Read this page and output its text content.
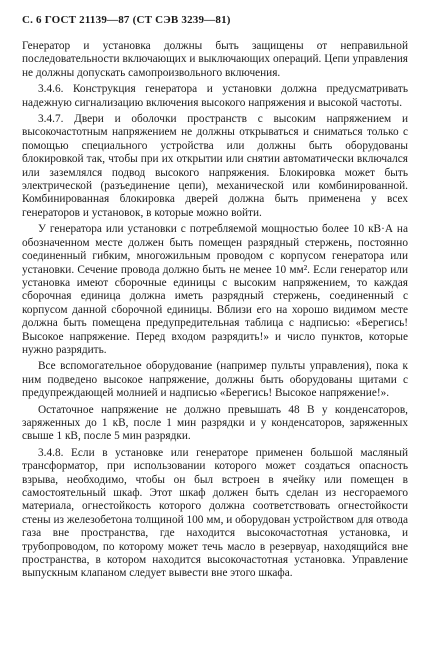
С. 6 ГОСТ 21139—87 (СТ СЭВ 3239—81)

Генератор и установка должны быть защищены от неправильной последовательности включающих и выключающих операций. Цепи управления не должны допускать самопроизвольного включения.

3.4.6. Конструкция генератора и установки должна предусматривать надежную сигнализацию включения высокого напряжения и высокой частоты.

3.4.7. Двери и оболочки пространств с высоким напряжением и высокочастотным напряжением не должны открываться и сниматься только с помощью специального устройства или должны быть оборудованы блокировкой так, чтобы при их открытии или снятии автоматически включался или заземлялся подвод высокого напряжения. Блокировка может быть электрической (разъединение цепи), механической или комбинированной. Комбинированная блокировка дверей должна быть применена у всех генераторов и установок, в которые можно войти.

У генератора или установки с потребляемой мощностью более 10 кВ·А на обозначенном месте должен быть помещен разрядный стержень, постоянно соединенный гибким, многожильным проводом с корпусом генератора или установки. Сечение провода должно быть не менее 10 мм². Если генератор или установка имеют сборочные единицы с высоким напряжением, то каждая сборочная единица должна иметь разрядный стержень, соединенный с корпусом данной сборочной единицы. Вблизи его на хорошо видимом месте должна быть помещена предупредительная таблица с надписью: «Берегись! Высокое напряжение. Перед входом разрядить!» и число пунктов, которые нужно разрядить.

Все вспомогательное оборудование (например пульты управления), пока к ним подведено высокое напряжение, должны быть оборудованы щитами с предупреждающей молнией и надписью «Берегись! Высокое напряжение!».

Остаточное напряжение не должно превышать 48 В у конденсаторов, заряженных до 1 кВ, после 1 мин разрядки и у конденсаторов, заряженных свыше 1 кВ, после 5 мин разрядки.

3.4.8. Если в установке или генераторе применен большой масляный трансформатор, при использовании которого может создаться опасность взрыва, необходимо, чтобы он был встроен в ячейку или помещен в самостоятельный шкаф. Этот шкаф должен быть сделан из несгораемого материала, огнестойкость которого должна соответствовать огнестойкости стены из железобетона толщиной 100 мм, и оборудован устройством для отвода газа вне пространства, где находится высокочастотная установка, и трубопроводом, по которому может течь масло в резервуар, находящийся вне пространства, в котором находится высокочастотная установка. Управление выпускным клапаном следует вывести вне этого шкафа.
